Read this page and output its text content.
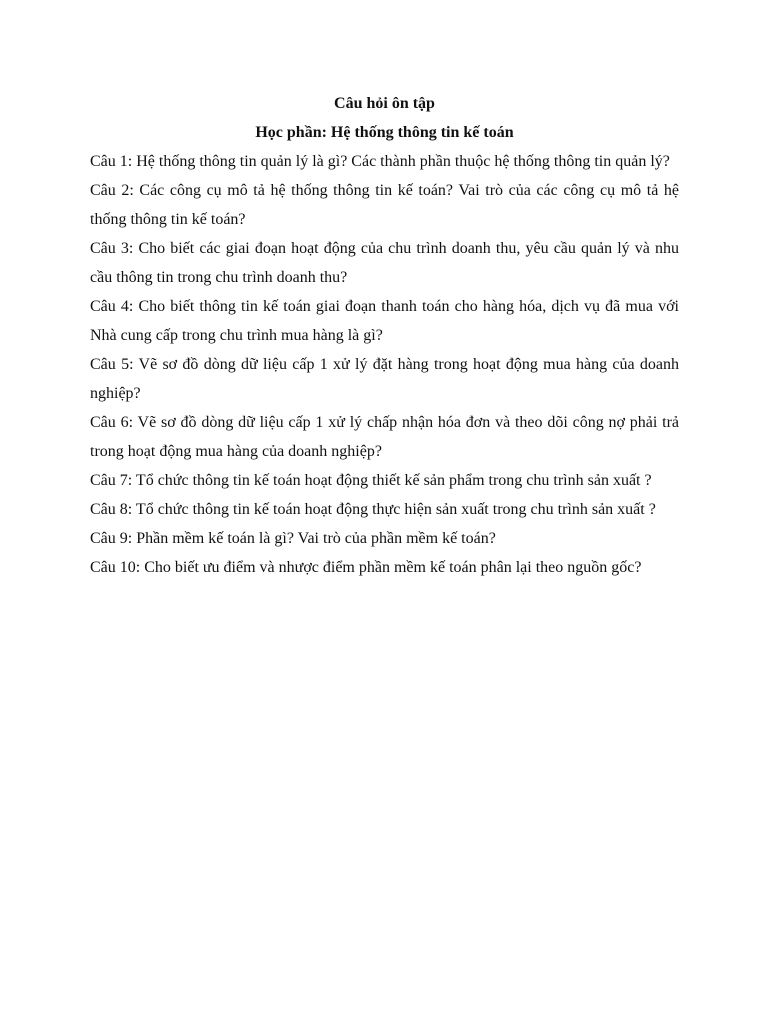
Câu hỏi ôn tập

Học phần: Hệ thống thông tin kế toán

Câu 1: Hệ thống thông tin quản lý là gì? Các thành phần thuộc hệ thống thông tin quản lý?
Câu 2: Các công cụ mô tả hệ thống thông tin kế toán? Vai trò của các công cụ mô tả hệ thống thông tin kế toán?
Câu 3: Cho biết các giai đoạn hoạt động của chu trình doanh thu, yêu cầu quản lý và nhu cầu thông tin trong chu trình doanh thu?
Câu 4: Cho biết thông tin kế toán giai đoạn thanh toán cho hàng hóa, dịch vụ đã mua với Nhà cung cấp trong chu trình mua hàng là gì?
Câu 5: Vẽ sơ đồ dòng dữ liệu cấp 1 xử lý đặt hàng trong hoạt động mua hàng của doanh nghiệp?
Câu 6: Vẽ sơ đồ dòng dữ liệu cấp 1 xử lý chấp nhận hóa đơn và theo dõi công nợ phải trả trong hoạt động mua hàng của doanh nghiệp?
Câu 7: Tổ chức thông tin kế toán hoạt động thiết kế sản phẩm trong chu trình sản xuất ?
Câu 8: Tổ chức thông tin kế toán hoạt động thực hiện sản xuất trong chu trình sản xuất ?
Câu 9: Phần mềm kế toán là gì? Vai trò của phần mềm kế toán?
Câu 10: Cho biết ưu điểm và nhược điểm phần mềm kế toán phân lại theo nguồn gốc?
